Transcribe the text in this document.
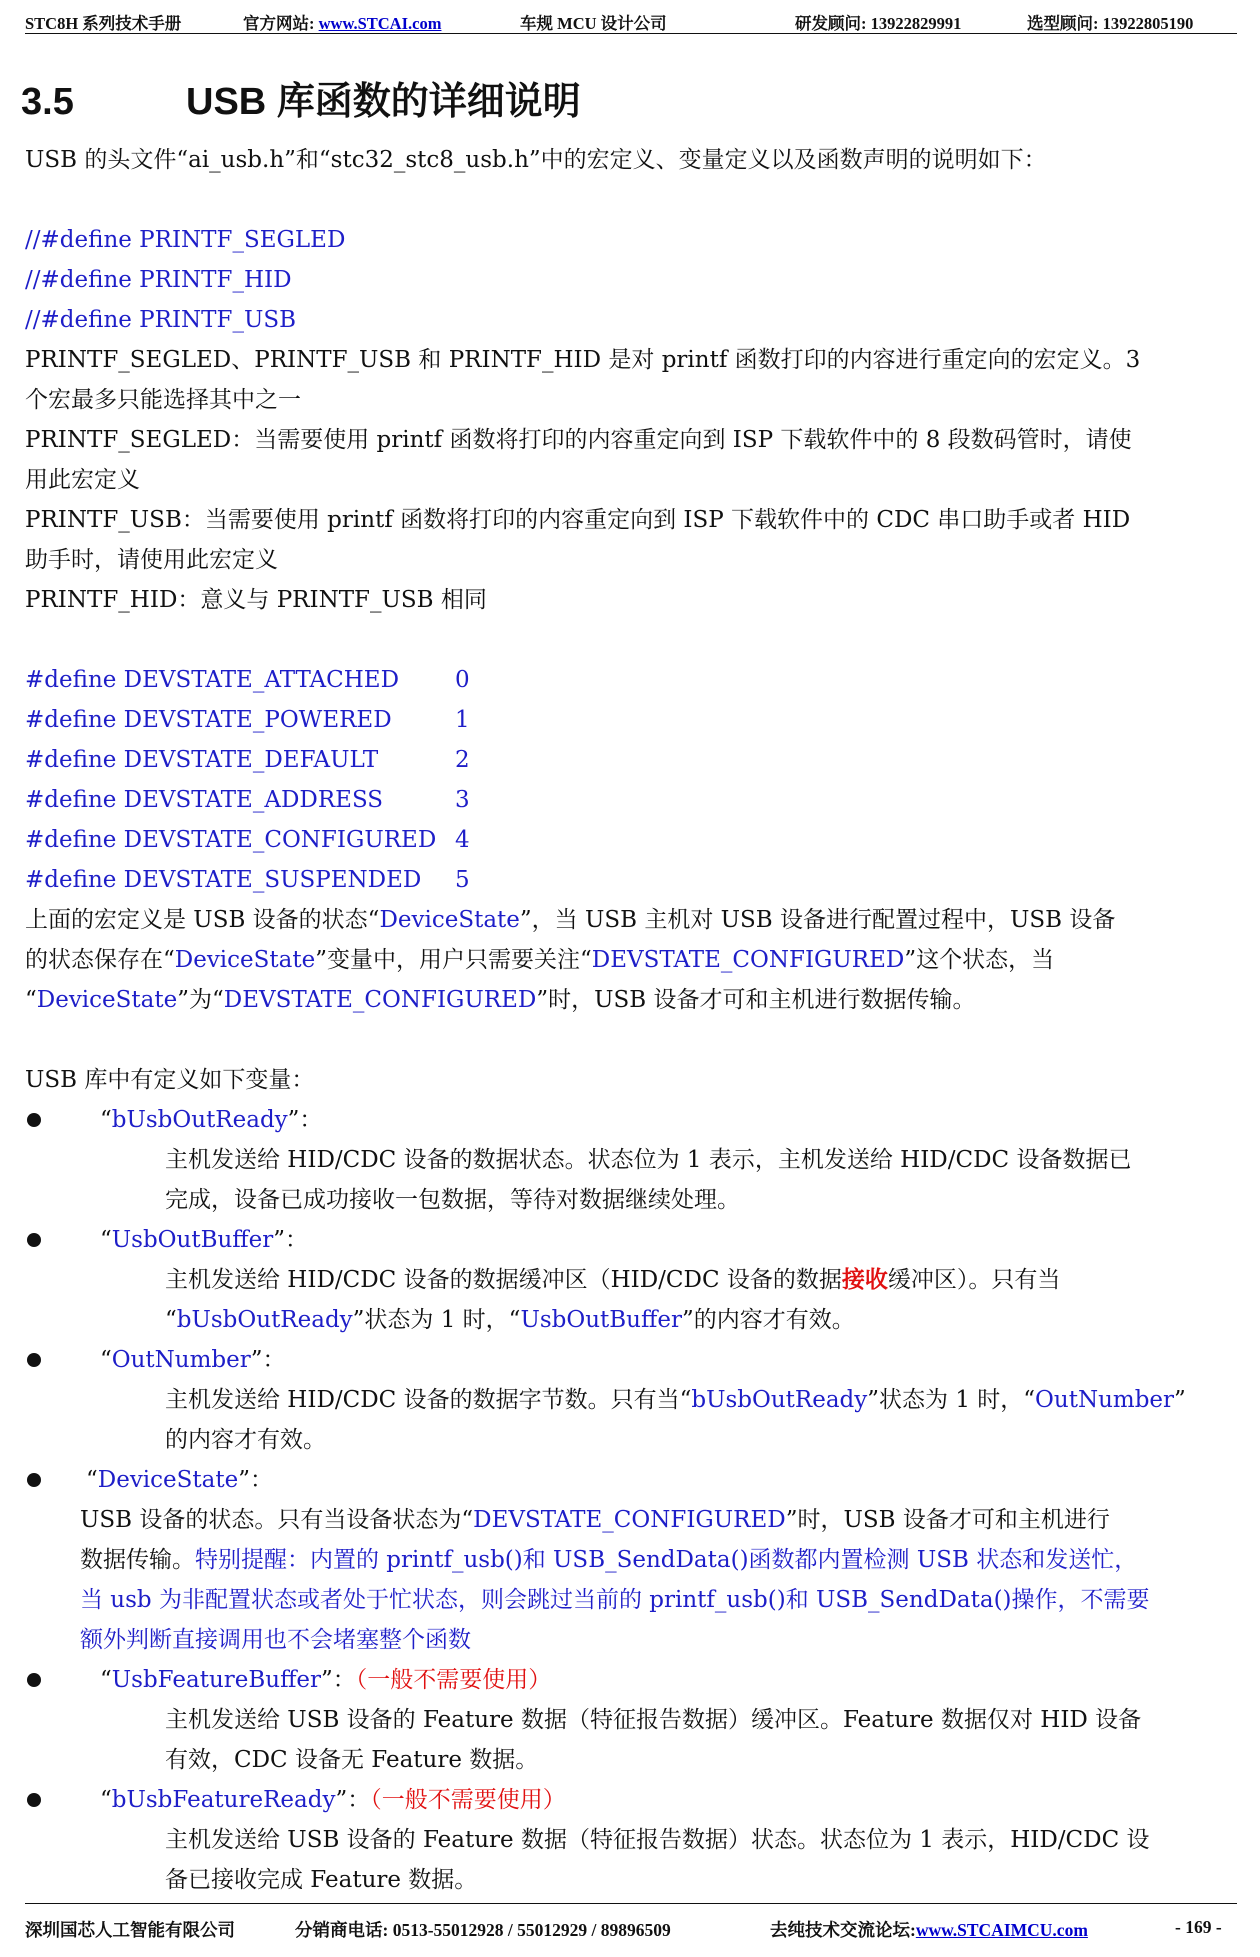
STC8H 系列技术手册	官方网站: www.STCAI.com	车规 MCU 设计公司	研发顾问: 13922829991	选型顾问: 13922805190
3.5	USB 库函数的详细说明
USB 的头文件“ai_usb.h”和“stc32_stc8_usb.h”中的宏定义、变量定义以及函数声明的说明如下：
//#define PRINTF_SEGLED
//#define PRINTF_HID
//#define PRINTF_USB
PRINTF_SEGLED、PRINTF_USB 和 PRINTF_HID 是对 printf 函数打印的内容进行重定向的宏定义。3
个宏最多只能选择其中之一
PRINTF_SEGLED：当需要使用 printf 函数将打印的内容重定向到 ISP 下载软件中的 8 段数码管时，请使
用此宏定义
PRINTF_USB：当需要使用 printf 函数将打印的内容重定向到 ISP 下载软件中的 CDC 串口助手或者 HID
助手时，请使用此宏定义
PRINTF_HID：意义与 PRINTF_USB 相同
#define DEVSTATE_ATTACHED 0
#define DEVSTATE_POWERED	1
#define DEVSTATE_DEFAULT	2
#define DEVSTATE_ADDRESS	3
#define DEVSTATE_CONFIGURED 4
#define DEVSTATE_SUSPENDED 5
上面的宏定义是 USB 设备的状态“DeviceState”，当 USB 主机对 USB 设备进行配置过程中，USB 设备
的状态保存在“DeviceState”变量中，用户只需要关注“DEVSTATE_CONFIGURED”这个状态，当
“DeviceState”为“DEVSTATE_CONFIGURED”时，USB 设备才可和主机进行数据传输。
USB 库中有定义如下变量：
“bUsbOutReady”：
主机发送给 HID/CDC 设备的数据状态。状态位为 1 表示，主机发送给 HID/CDC 设备数据已
完成，设备已成功接收一包数据，等待对数据继续处理。
“UsbOutBuffer”：
主机发送给 HID/CDC 设备的数据缓冲区（HID/CDC 设备的数据接收缓冲区）。只有当
“bUsbOutReady”状态为 1 时，“UsbOutBuffer”的内容才有效。
“OutNumber”：
主机发送给 HID/CDC 设备的数据字节数。只有当“bUsbOutReady”状态为 1 时，“OutNumber”
的内容才有效。
“DeviceState”：
USB 设备的状态。只有当设备状态为“DEVSTATE_CONFIGURED”时，USB 设备才可和主机进行
数据传输。特别提醒：内置的 printf_usb()和 USB_SendData()函数都内置检测 USB 状态和发送忙，
当 usb 为非配置状态或者处于忙状态，则会跳过当前的 printf_usb()和 USB_SendData()操作，不需要
额外判断直接调用也不会堵塞整个函数
“UsbFeatureBuffer”：（一般不需要使用）
主机发送给 USB 设备的 Feature 数据（特征报告数据）缓冲区。Feature 数据仅对 HID 设备
有效，CDC 设备无 Feature 数据。
“bUsbFeatureReady”：（一般不需要使用）
主机发送给 USB 设备的 Feature 数据（特征报告数据）状态。状态位为 1 表示，HID/CDC 设
备已接收完成 Feature 数据。
深圳国芯人工智能有限公司	分销商电话: 0513-55012928 / 55012929 / 89896509	去纯技术交流论坛:www.STCAIMCU.com	- 169 -
